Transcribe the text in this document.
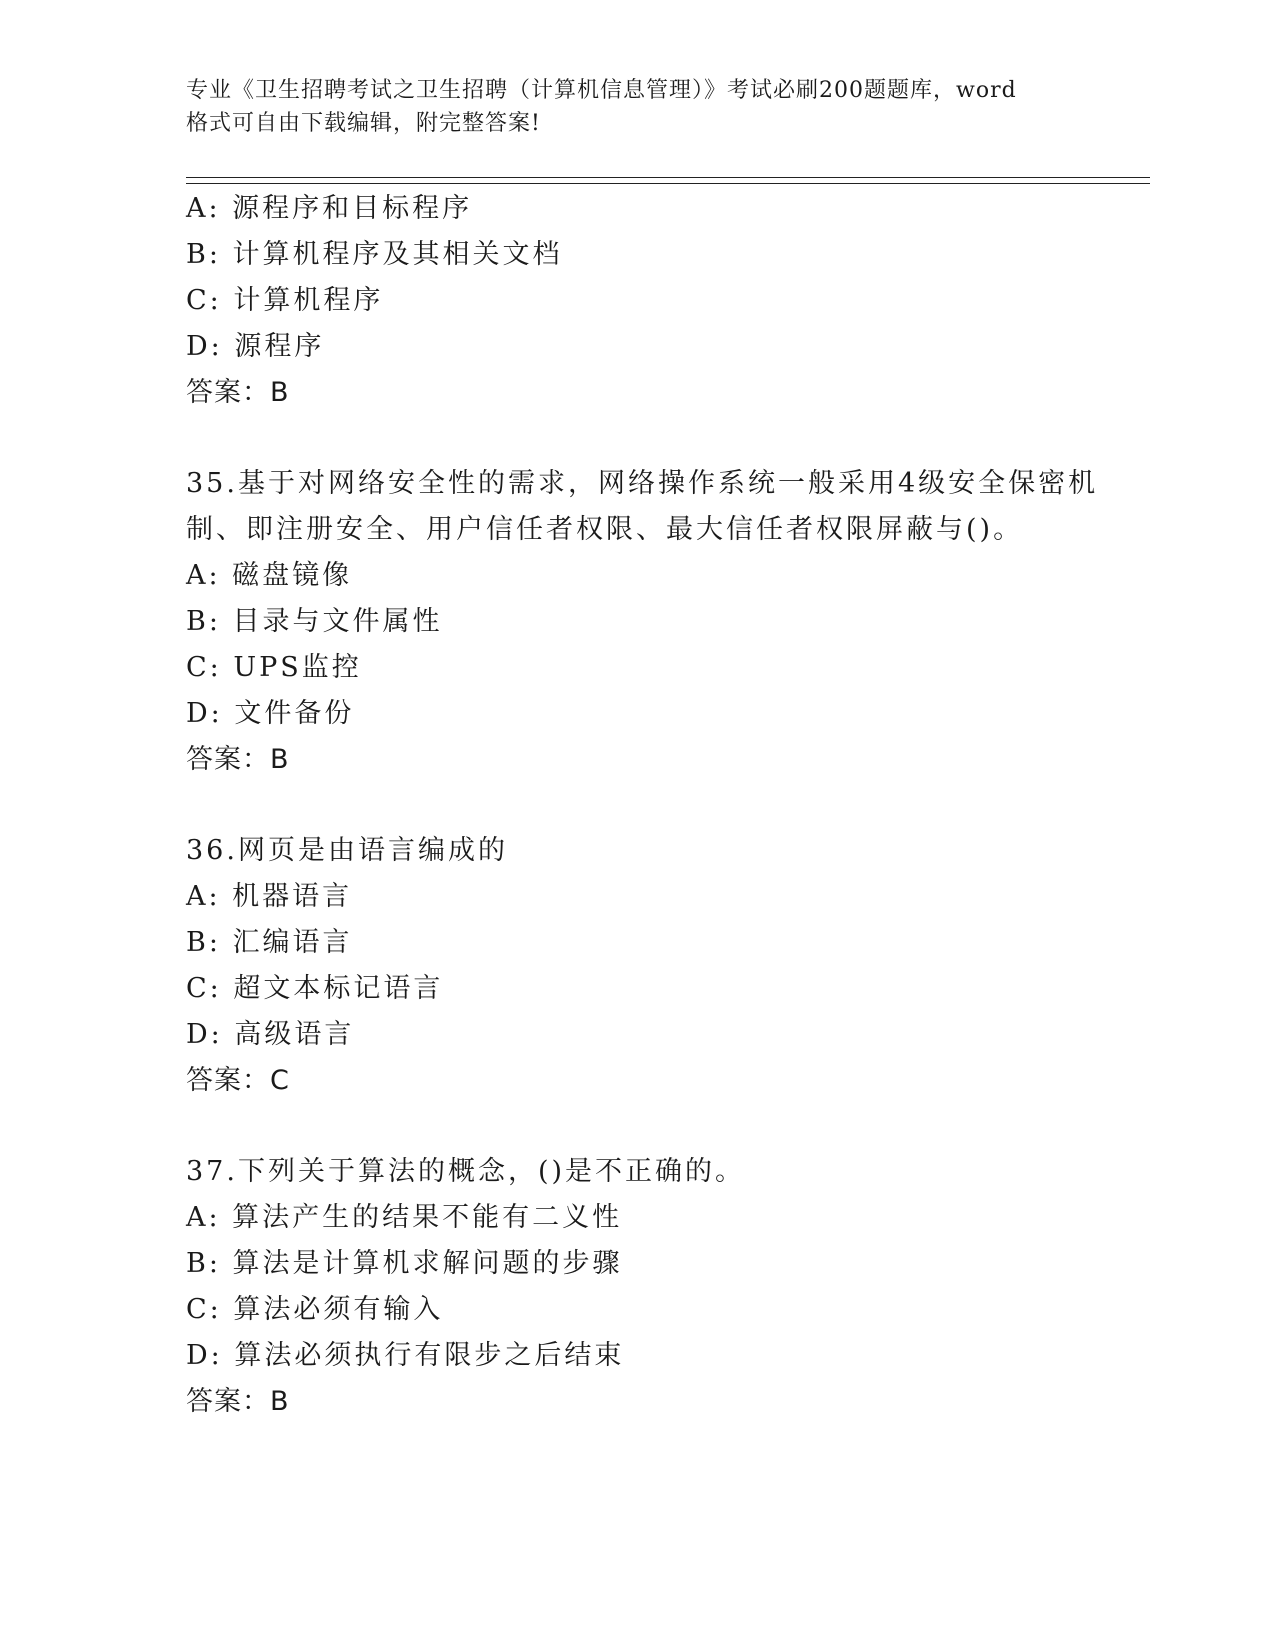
专业《卫生招聘考试之卫生招聘（计算机信息管理）》考试必刷200题题库，word
格式可自由下载编辑，附完整答案!
A: 源程序和目标程序
B: 计算机程序及其相关文档
C: 计算机程序
D: 源程序
答案：B
35.基于对网络安全性的需求，网络操作系统一般采用4级安全保密机
制、即注册安全、用户信任者权限、最大信任者权限屏蔽与()。
A: 磁盘镜像
B: 目录与文件属性
C: UPS监控
D: 文件备份
答案：B
36.网页是由语言编成的
A: 机器语言
B: 汇编语言
C: 超文本标记语言
D: 高级语言
答案：C
37.下列关于算法的概念，()是不正确的。
A: 算法产生的结果不能有二义性
B: 算法是计算机求解问题的步骤
C: 算法必须有输入
D: 算法必须执行有限步之后结束
答案：B
